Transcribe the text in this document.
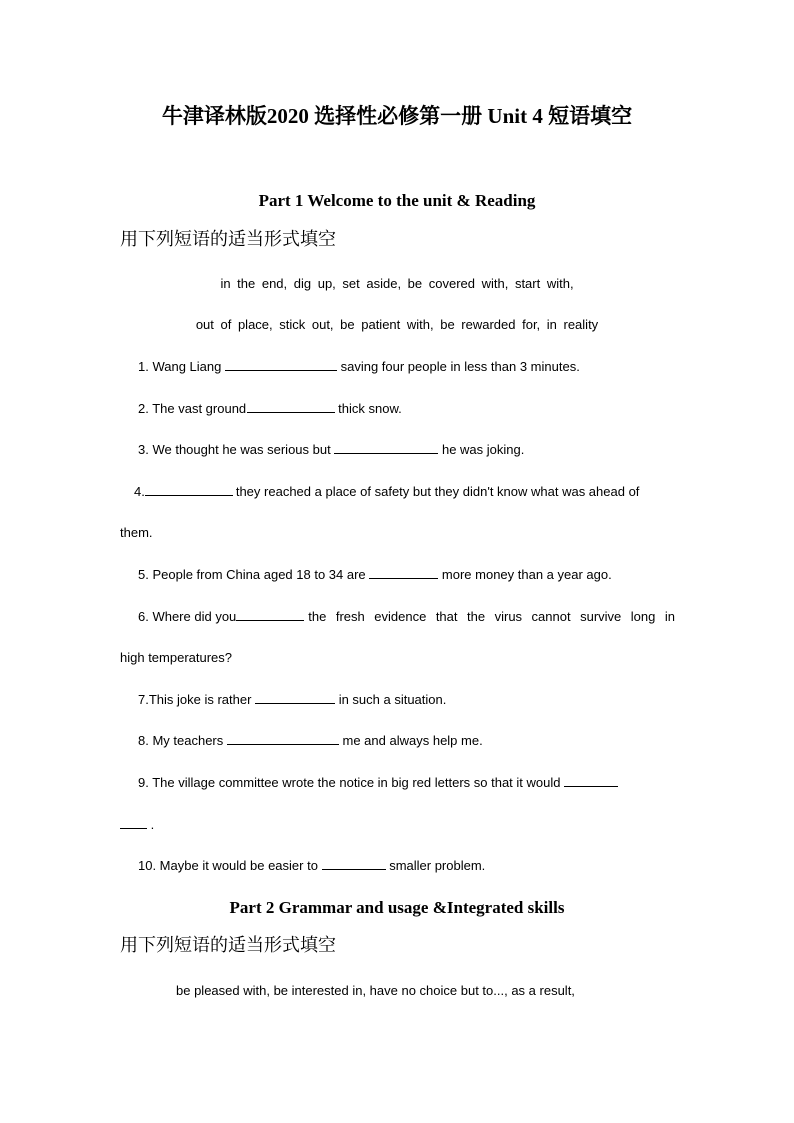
牛津译林版2020 选择性必修第一册 Unit 4 短语填空
Part 1 Welcome to the unit & Reading
用下列短语的适当形式填空
in the end, dig up, set aside, be covered with, start with,
out of place, stick out, be patient with, be rewarded for, in reality
1. Wang Liang	saving four people in less than 3 minutes.
2. The vast ground	thick snow.
3. We thought he was serious but	he was joking.
4.	they reached a place of safety but they didn't know what was ahead of
them.
5. People from China aged 18 to 34 are	more money than a year ago.
6. Where did you	the fresh evidence that the virus cannot survive long in
high temperatures?
7.This joke is rather	in such a situation.
8. My teachers	me and always help me.
9. The village committee wrote the notice in big red letters so that it would
.
10. Maybe it would be easier to	smaller problem.
Part 2 Grammar and usage &Integrated skills
用下列短语的适当形式填空
be pleased with, be interested in, have no choice but to..., as a result,
